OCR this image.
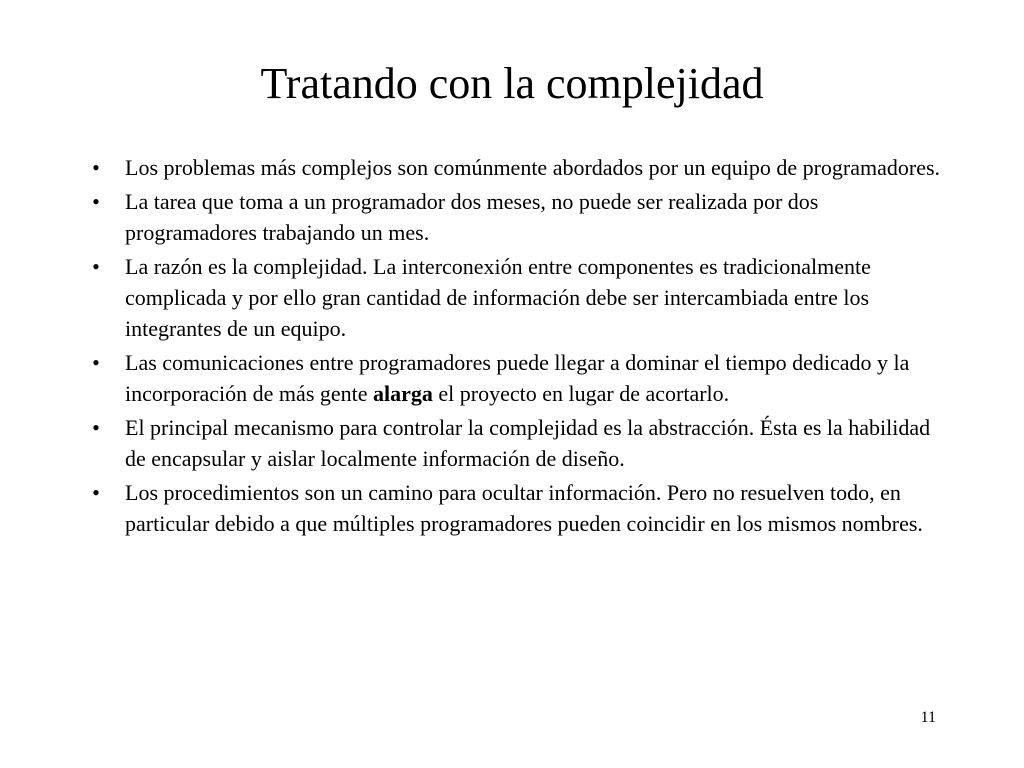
Tratando con la complejidad
• Los problemas más complejos son comúnmente abordados por un equipo de programadores.
• La tarea que toma a un programador dos meses, no puede ser realizada por dos programadores trabajando un mes.
• La razón es la complejidad. La interconexión entre componentes es tradicionalmente complicada y por ello gran cantidad de información debe ser intercambiada entre los integrantes de un equipo.
• Las comunicaciones entre programadores puede llegar a dominar el tiempo dedicado y la incorporación de más gente alarga el proyecto en lugar de acortarlo.
• El principal mecanismo para controlar la complejidad es la abstracción. Ésta es la habilidad de encapsular y aislar localmente información de diseño.
• Los procedimientos son un camino para ocultar información. Pero no resuelven todo, en particular debido a que múltiples programadores pueden coincidir en los mismos nombres.
11
